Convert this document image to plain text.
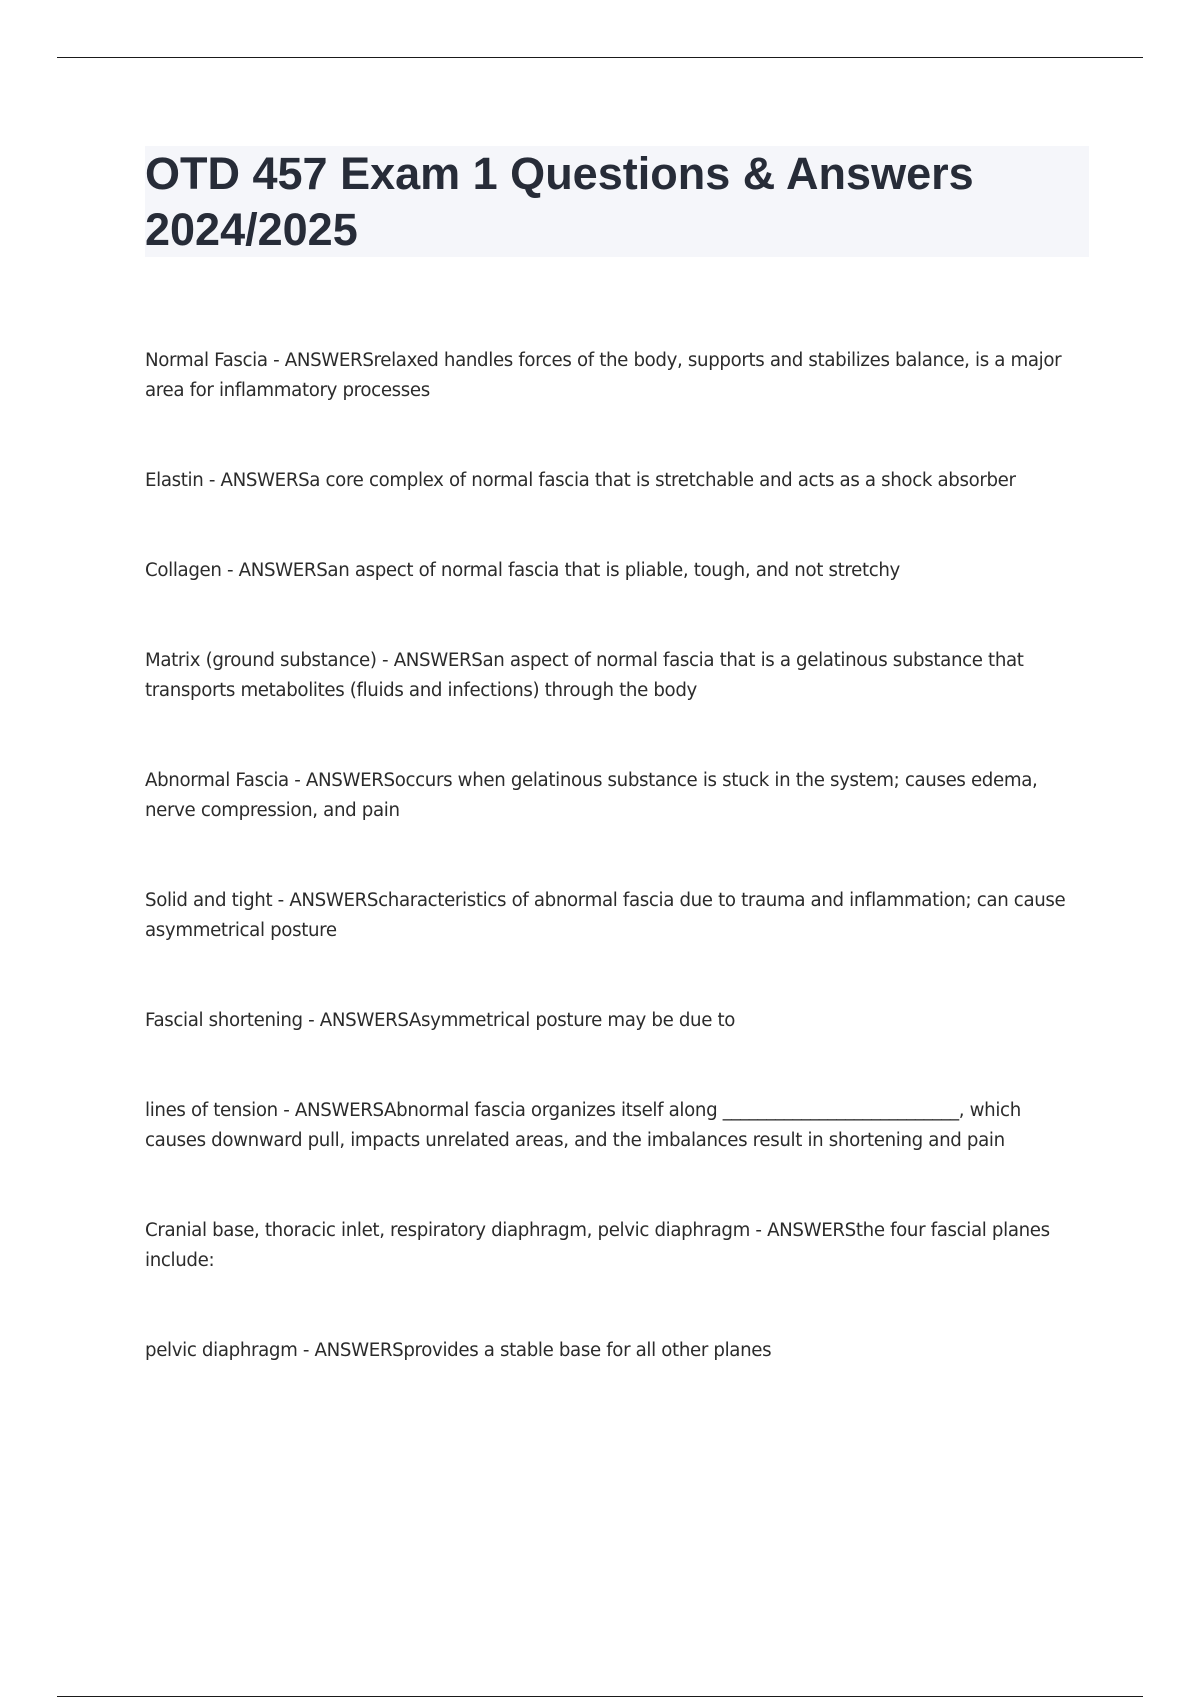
OTD 457 Exam 1 Questions & Answers 2024/2025

Normal Fascia - ANSWERSrelaxed handles forces of the body, supports and stabilizes balance, is a major area for inflammatory processes

Elastin - ANSWERSa core complex of normal fascia that is stretchable and acts as a shock absorber

Collagen - ANSWERSan aspect of normal fascia that is pliable, tough, and not stretchy

Matrix (ground substance) - ANSWERSan aspect of normal fascia that is a gelatinous substance that transports metabolites (fluids and infections) through the body

Abnormal Fascia - ANSWERSoccurs when gelatinous substance is stuck in the system; causes edema, nerve compression, and pain

Solid and tight - ANSWERScharacteristics of abnormal fascia due to trauma and inflammation; can cause asymmetrical posture

Fascial shortening - ANSWERSAsymmetrical posture may be due to

lines of tension - ANSWERSAbnormal fascia organizes itself along ___________________________, which causes downward pull, impacts unrelated areas, and the imbalances result in shortening and pain

Cranial base, thoracic inlet, respiratory diaphragm, pelvic diaphragm - ANSWERSthe four fascial planes include:

pelvic diaphragm - ANSWERSprovides a stable base for all other planes
